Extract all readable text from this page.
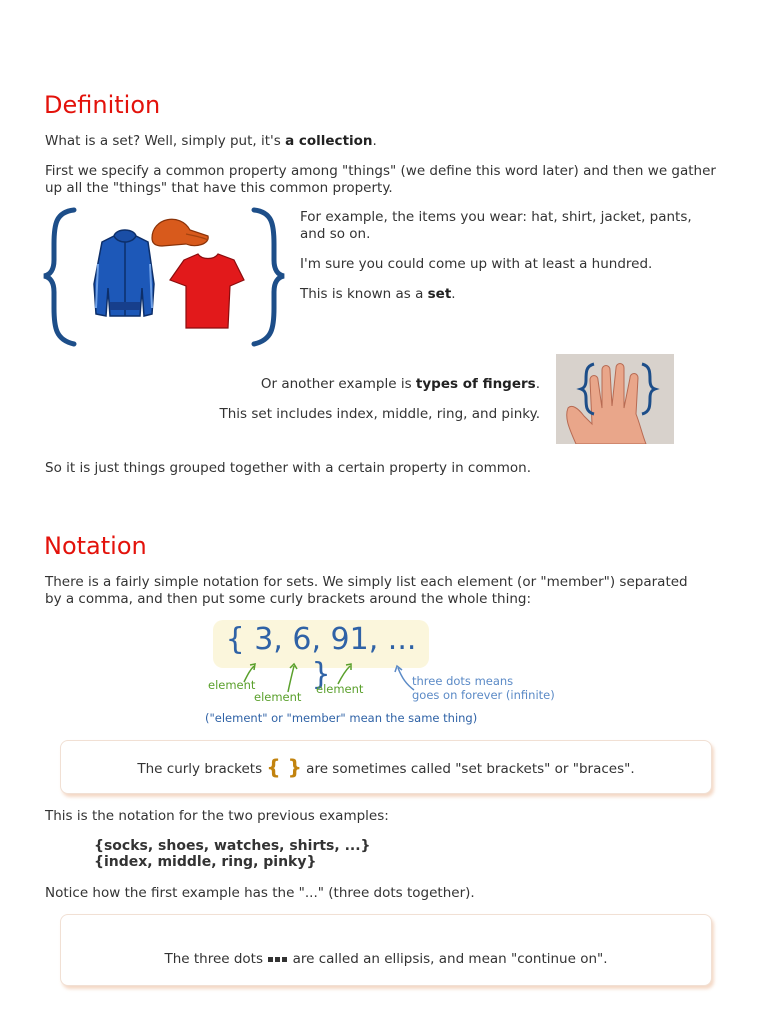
Definition

What is a set? Well, simply put, it's a collection.

First we specify a common property among "things" (we define this word later) and then we gather up all the "things" that have this common property.

For example, the items you wear: hat, shirt, jacket, pants, and so on.

I'm sure you could come up with at least a hundred.

This is known as a set.

Or another example is types of fingers.

This set includes index, middle, ring, and pinky.

So it is just things grouped together with a certain property in common.

Notation

There is a fairly simple notation for sets. We simply list each element (or "member") separated by a comma, and then put some curly brackets around the whole thing:

{ 3, 6, 91, ... }
element
element
element
three dots means
goes on forever (infinite)
("element" or "member" mean the same thing)
The curly brackets { } are sometimes called "set brackets" or "braces".

This is the notation for the two previous examples:

{socks, shoes, watches, shirts, ...}
{index, middle, ring, pinky}

Notice how the first example has the "..." (three dots together).

The three dots  are called an ellipsis, and mean "continue on".
